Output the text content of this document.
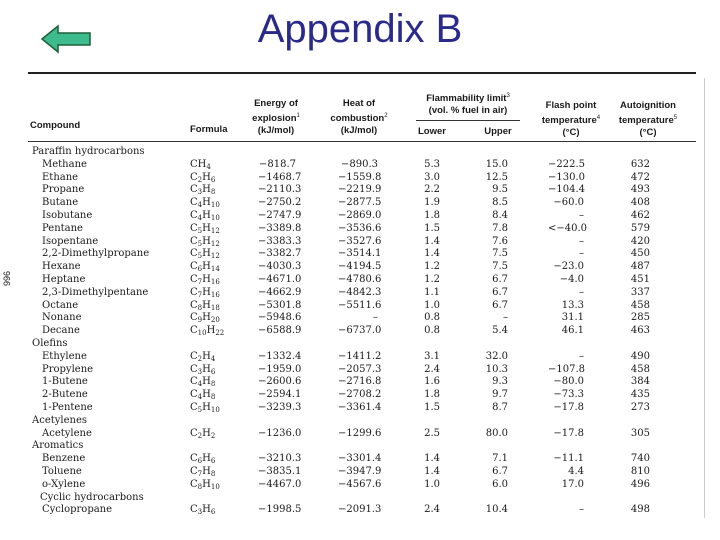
Appendix B
996
Compound	Formula
Energy of
explosion$^1$
(kJ/mol)
Heat of
combustion$^2$
(kJ/mol)
Flammability limit$^3$
(vol. % fuel in air)
Lower	Upper
Flash point
temperature$^4$
(°C)
Autoignition
temperature$^5$
(°C)
Paraffin hydrocarbons
Methane	$CH_4$	−818.7	−890.3	5.3	15.0	−222.5	632
Ethane	$C_2H_6$	−1468.7	−1559.8	3.0	12.5	−130.0	472
Propane	$C_3H_8$	−2110.3	−2219.9	2.2	9.5	−104.4	493
Butane	$C_4H_{10}$	−2750.2	−2877.5	1.9	8.5	−60.0	408
Isobutane	$C_4H_{10}$	−2747.9	−2869.0	1.8	8.4	–	462
Pentane	$C_5H_{12}$	−3389.8	−3536.6	1.5	7.8	<−40.0	579
Isopentane	$C_5H_{12}$	−3383.3	−3527.6	1.4	7.6	–	420
2,2-Dimethylpropane	$C_5H_{12}$	−3382.7	−3514.1	1.4	7.5	–	450
Hexane	$C_6H_{14}$	−4030.3	−4194.5	1.2	7.5	−23.0	487
Heptane	$C_7H_{16}$	−4671.0	−4780.6	1.2	6.7	−4.0	451
2,3-Dimethylpentane	$C_7H_{16}$	−4662.9	−4842.3	1.1	6.7	–	337
Octane	$C_8H_{18}$	−5301.8	−5511.6	1.0	6.7	13.3	458
Nonane	$C_9H_{20}$	−5948.6	–	0.8	–	31.1	285
Decane	$C_{10}H_{22}$	−6588.9	−6737.0	0.8	5.4	46.1	463
Olefins
Ethylene	$C_2H_4$	−1332.4	−1411.2	3.1	32.0	–	490
Propylene	$C_3H_6$	−1959.0	−2057.3	2.4	10.3	−107.8	458
1-Butene	$C_4H_8$	−2600.6	−2716.8	1.6	9.3	−80.0	384
2-Butene	$C_4H_8$	−2594.1	−2708.2	1.8	9.7	−73.3	435
1-Pentene	$C_5H_{10}$	−3239.3	−3361.4	1.5	8.7	−17.8	273
Acetylenes
Acetylene	$C_2H_2$	−1236.0	−1299.6	2.5	80.0	−17.8	305
Aromatics
Benzene	$C_6H_6$	−3210.3	−3301.4	1.4	7.1	−11.1	740
Toluene	$C_7H_8$	−3835.1	−3947.9	1.4	6.7	4.4	810
o-Xylene	$C_8H_{10}$	−4467.0	−4567.6	1.0	6.0	17.0	496
Cyclic hydrocarbons
Cyclopropane	$C_3H_6$	−1998.5	−2091.3	2.4	10.4	–	498
